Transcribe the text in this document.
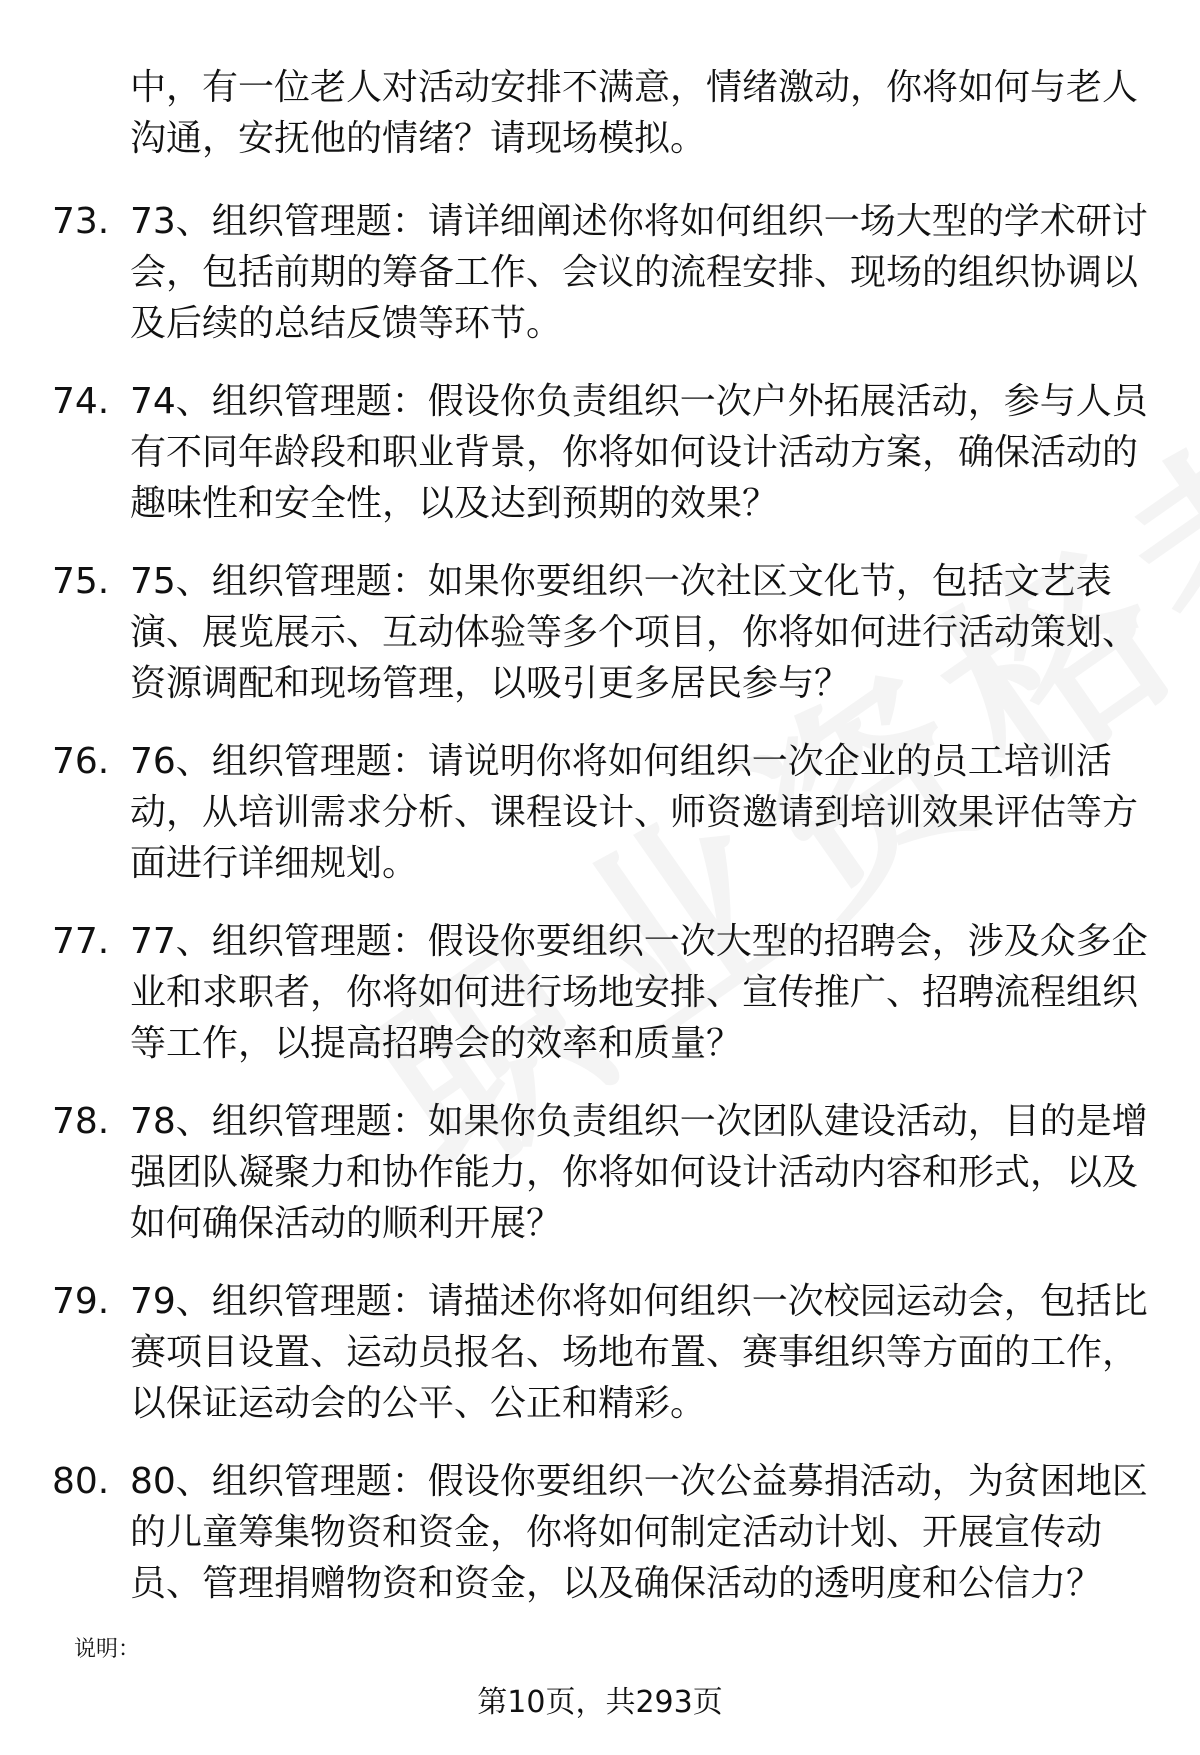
中，有一位老人对活动安排不满意，情绪激动，你将如何与老人沟通，安抚他的情绪？请现场模拟。

73. 73、组织管理题：请详细阐述你将如何组织一场大型的学术研讨会，包括前期的筹备工作、会议的流程安排、现场的组织协调以及后续的总结反馈等环节。

74. 74、组织管理题：假设你负责组织一次户外拓展活动，参与人员有不同年龄段和职业背景，你将如何设计活动方案，确保活动的趣味性和安全性，以及达到预期的效果？

75. 75、组织管理题：如果你要组织一次社区文化节，包括文艺表演、展览展示、互动体验等多个项目，你将如何进行活动策划、资源调配和现场管理，以吸引更多居民参与？

76. 76、组织管理题：请说明你将如何组织一次企业的员工培训活动，从培训需求分析、课程设计、师资邀请到培训效果评估等方面进行详细规划。

77. 77、组织管理题：假设你要组织一次大型的招聘会，涉及众多企业和求职者，你将如何进行场地安排、宣传推广、招聘流程组织等工作，以提高招聘会的效率和质量？

78. 78、组织管理题：如果你负责组织一次团队建设活动，目的是增强团队凝聚力和协作能力，你将如何设计活动内容和形式，以及如何确保活动的顺利开展？

79. 79、组织管理题：请描述你将如何组织一次校园运动会，包括比赛项目设置、运动员报名、场地布置、赛事组织等方面的工作，以保证运动会的公平、公正和精彩。

80. 80、组织管理题：假设你要组织一次公益募捐活动，为贫困地区的儿童筹集物资和资金，你将如何制定活动计划、开展宣传动员、管理捐赠物资和资金，以及确保活动的透明度和公信力？

说明：
第10页，共293页
